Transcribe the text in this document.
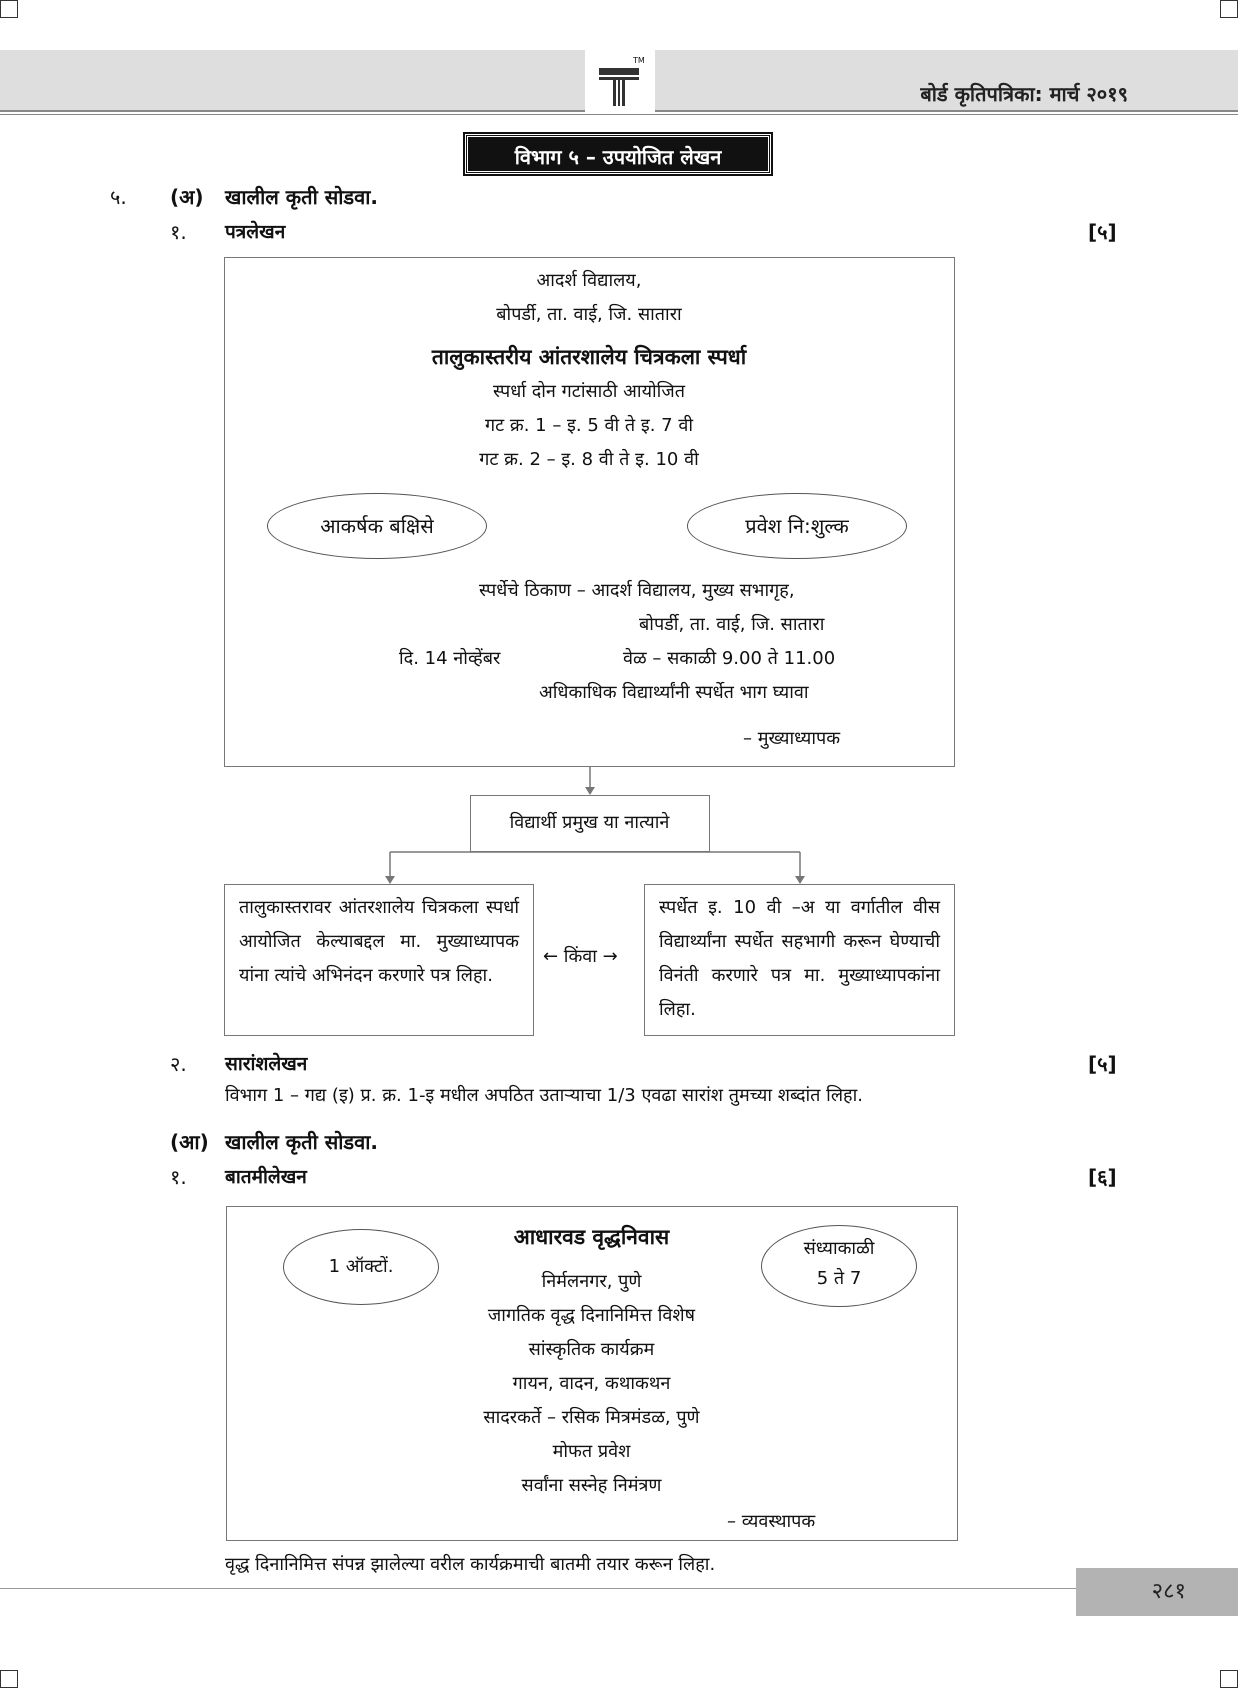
TM
बोर्ड कृतिपत्रिका: मार्च २०१९
विभाग ५ – उपयोजित लेखन
५. (अ) खालील कृती सोडवा.
१. पत्रलेखन	[५]
आदर्श विद्यालय,
बोपर्डी, ता. वाई, जि. सातारा
तालुकास्तरीय आंतरशालेय चित्रकला स्पर्धा
स्पर्धा दोन गटांसाठी आयोजित
गट क्र. 1 – इ. 5 वी ते इ. 7 वी
गट क्र. 2 – इ. 8 वी ते इ. 10 वी
आकर्षक बक्षिसे	प्रवेश नि:शुल्क
स्पर्धेचे ठिकाण – आदर्श विद्यालय, मुख्य सभागृह,
बोपर्डी, ता. वाई, जि. सातारा
दि. 14 नोव्हेंबर	वेळ – सकाळी 9.00 ते 11.00
अधिकाधिक विद्यार्थ्यांनी स्पर्धेत भाग घ्यावा
– मुख्याध्यापक
विद्यार्थी प्रमुख या नात्याने
तालुकास्तरावर आंतरशालेय चित्रकला स्पर्धा आयोजित केल्याबद्दल मा. मुख्याध्यापक यांना त्यांचे अभिनंदन करणारे पत्र लिहा.
← किंवा →
स्पर्धेत इ. 10 वी –अ या वर्गातील वीस विद्यार्थ्यांना स्पर्धेत सहभागी करून घेण्याची विनंती करणारे पत्र मा. मुख्याध्यापकांना लिहा.
२. सारांशलेखन	[५]
विभाग 1 – गद्य (इ) प्र. क्र. 1-इ मधील अपठित उताऱ्याचा 1/3 एवढा सारांश तुमच्या शब्दांत लिहा.
(आ) खालील कृती सोडवा.
१. बातमीलेखन	[६]
1 ऑक्टों.
आधारवड वृद्धनिवास	संध्याकाळी
5 ते 7
निर्मलनगर, पुणे
जागतिक वृद्ध दिनानिमित्त विशेष
सांस्कृतिक कार्यक्रम
गायन, वादन, कथाकथन
सादरकर्ते – रसिक मित्रमंडळ, पुणे
मोफत प्रवेश
सर्वांना सस्नेह निमंत्रण
– व्यवस्थापक
वृद्ध दिनानिमित्त संपन्न झालेल्या वरील कार्यक्रमाची बातमी तयार करून लिहा.
२८१
